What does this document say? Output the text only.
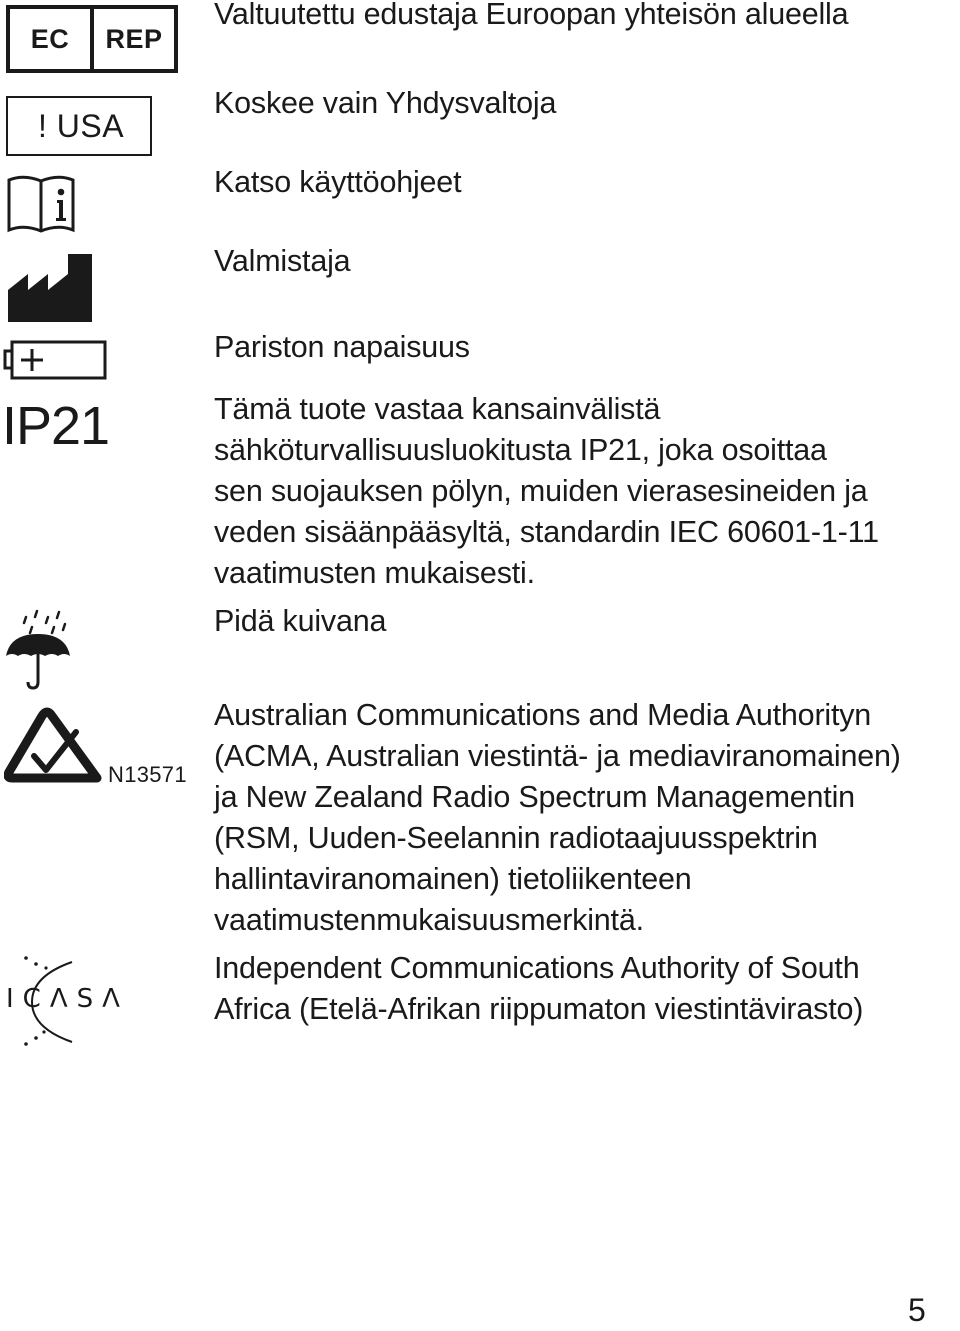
EC	REP
! USA
IP21
N13571
ICΛSΛ

Valtuutettu edustaja Euroopan yhteisön alueella

Koskee vain Yhdysvaltoja

Katso käyttöohjeet

Valmistaja

Pariston napaisuus

Tämä tuote vastaa kansainvälistä
sähköturvallisuusluokitusta IP21, joka osoittaa
sen suojauksen pölyn, muiden vierasesineiden ja
veden sisäänpääsyltä, standardin IEC 60601-1-11
vaatimusten mukaisesti.

Pidä kuivana

Australian Communications and Media Authorityn
(ACMA, Australian viestintä- ja mediaviranomainen)
ja New Zealand Radio Spectrum Managementin
(RSM, Uuden-Seelannin radiotaajuusspektrin
hallintaviranomainen) tietoliikenteen
vaatimustenmukaisuusmerkintä.

Independent Communications Authority of South
Africa (Etelä-Afrikan riippumaton viestintävirasto)

5
